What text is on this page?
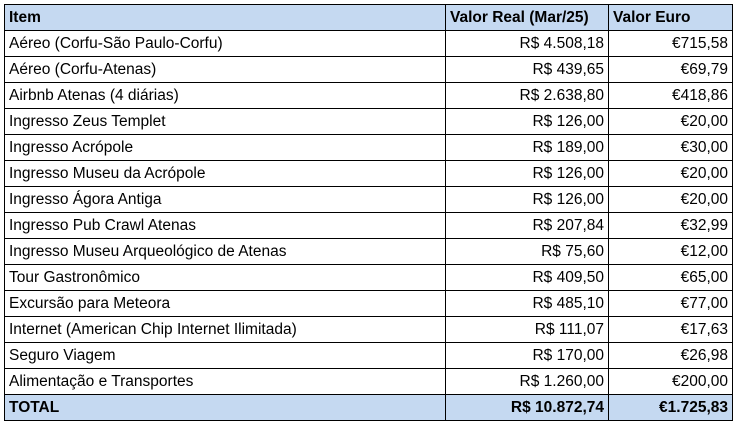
Item	Valor Real (Mar/25)	Valor Euro
Aéreo (Corfu-São Paulo-Corfu)	R$ 4.508,18	€715,58
Aéreo (Corfu-Atenas)	R$ 439,65	€69,79
Airbnb Atenas (4 diárias)	R$ 2.638,80	€418,86
Ingresso Zeus Templet	R$ 126,00	€20,00
Ingresso Acrópole	R$ 189,00	€30,00
Ingresso Museu da Acrópole	R$ 126,00	€20,00
Ingresso Ágora Antiga	R$ 126,00	€20,00
Ingresso Pub Crawl Atenas	R$ 207,84	€32,99
Ingresso Museu Arqueológico de Atenas	R$ 75,60	€12,00
Tour Gastronômico	R$ 409,50	€65,00
Excursão para Meteora	R$ 485,10	€77,00
Internet (American Chip Internet Ilimitada)	R$ 111,07	€17,63
Seguro Viagem	R$ 170,00	€26,98
Alimentação e Transportes	R$ 1.260,00	€200,00
TOTAL	R$ 10.872,74	€1.725,83
